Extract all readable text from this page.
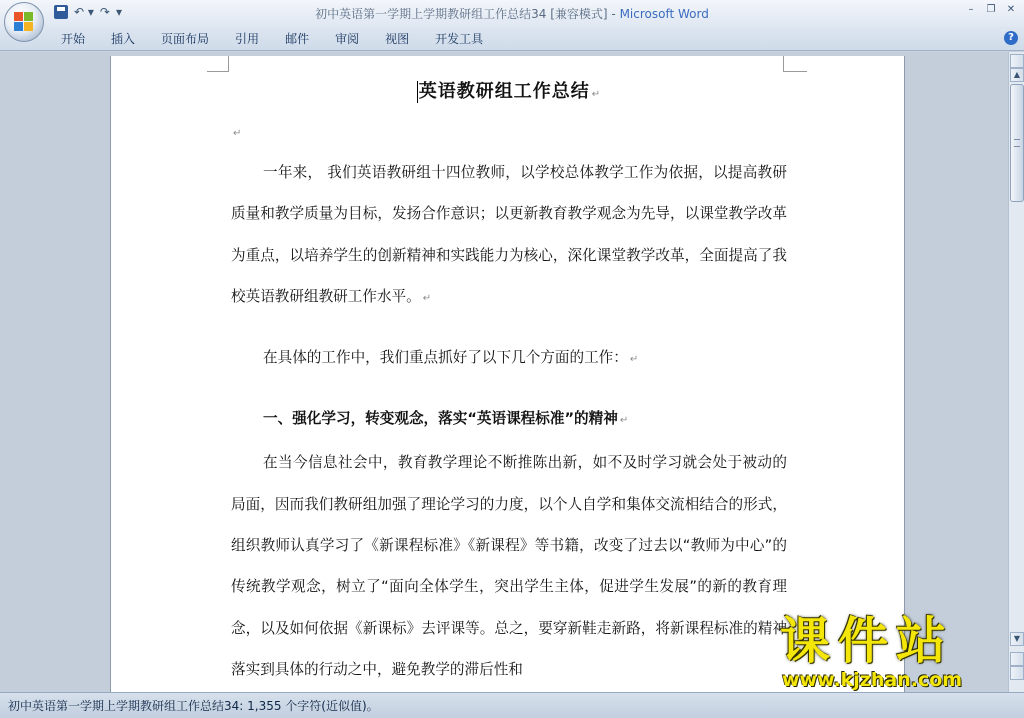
↶ ▾ ↷ ▾	初中英语第一学期上学期教研组工作总结34 [兼容模式] - Microsoft Word	–	❐	✕
开始	插入	页面布局	引用	邮件	审阅	视图	开发工具	?
英语教研组工作总结 ↵
↵

一年来， 我们英语教研组十四位教师，以学校总体教学工作为依据，以提高教研质量和教学质量为目标，发扬合作意识；以更新教育教学观念为先导，以课堂教学改革为重点，以培养学生的创新精神和实践能力为核心，深化课堂教学改革，全面提高了我校英语教研组教研工作水平。 ↵

在具体的工作中，我们重点抓好了以下几个方面的工作： ↵

一、强化学习，转变观念，落实“英语课程标准”的精神 ↵

在当今信息社会中，教育教学理论不断推陈出新，如不及时学习就会处于被动的局面，因而我们教研组加强了理论学习的力度，以个人自学和集体交流相结合的形式，组织教师认真学习了《新课程标准》《新课程》等书籍，改变了过去以“教师为中心”的传统教学观念，树立了“面向全体学生，突出学生主体，促进学生发展”的新的教育理念，以及如何依据《新课标》去评课等。总之，要穿新鞋走新路，将新课程标准的精神落实到具体的行动之中，避免教学的滞后性和

▲
▼
课件站
www.kjzhan.com
初中英语第一学期上学期教研组工作总结34: 1,355 个字符(近似值)。
